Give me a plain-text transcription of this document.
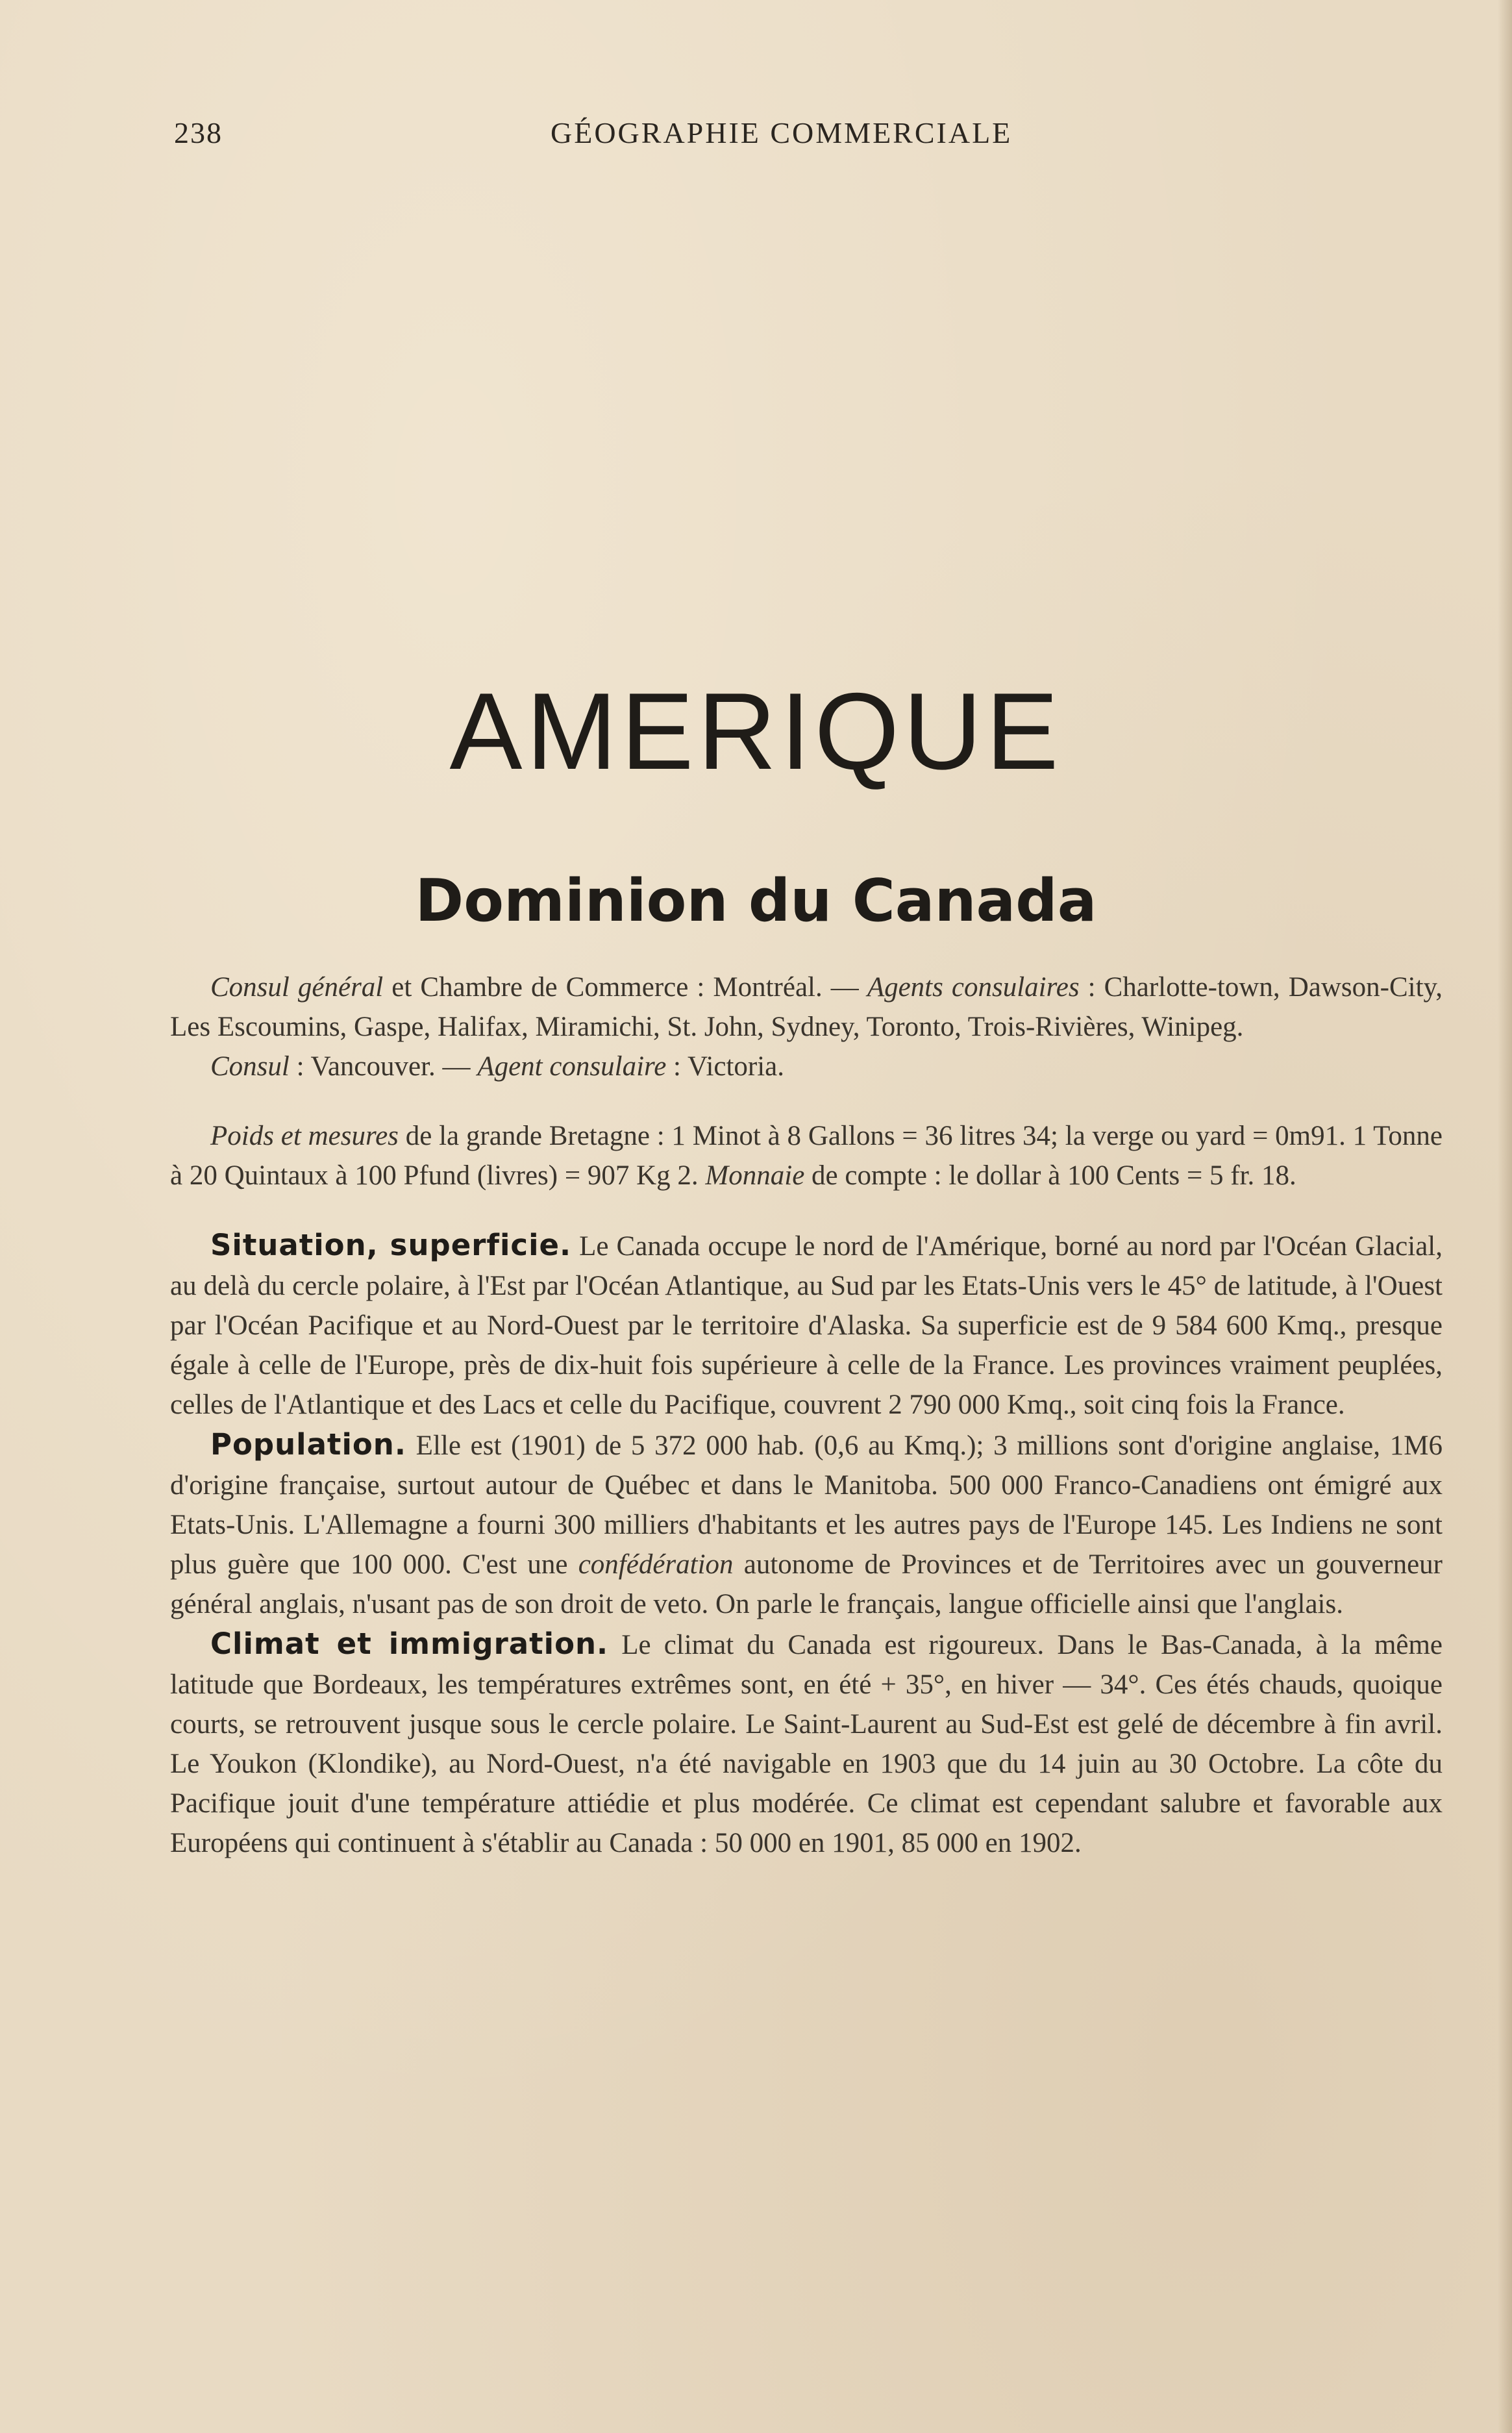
238	GÉOGRAPHIE COMMERCIALE
AMERIQUE
Dominion du Canada

Consul général et Chambre de Commerce : Montréal. — Agents consulaires : Charlotte-town, Dawson-City, Les Escoumins, Gaspe, Halifax, Miramichi, St. John, Sydney, Toronto, Trois-Rivières, Winipeg.

Consul : Vancouver. — Agent consulaire : Victoria.

Poids et mesures de la grande Bretagne : 1 Minot à 8 Gallons = 36 litres 34; la verge ou yard = 0m91. 1 Tonne à 20 Quintaux à 100 Pfund (livres) = 907 Kg 2. Monnaie de compte : le dollar à 100 Cents = 5 fr. 18.

Situation, superficie. Le Canada occupe le nord de l'Amérique, borné au nord par l'Océan Glacial, au delà du cercle polaire, à l'Est par l'Océan Atlantique, au Sud par les Etats-Unis vers le 45° de latitude, à l'Ouest par l'Océan Pacifique et au Nord-Ouest par le territoire d'Alaska. Sa superficie est de 9 584 600 Kmq., presque égale à celle de l'Europe, près de dix-huit fois supérieure à celle de la France. Les provinces vraiment peuplées, celles de l'Atlantique et des Lacs et celle du Pacifique, couvrent 2 790 000 Kmq., soit cinq fois la France.

Population. Elle est (1901) de 5 372 000 hab. (0,6 au Kmq.); 3 millions sont d'origine anglaise, 1M6 d'origine française, surtout autour de Québec et dans le Manitoba. 500 000 Franco-Canadiens ont émigré aux Etats-Unis. L'Allemagne a fourni 300 milliers d'habitants et les autres pays de l'Europe 145. Les Indiens ne sont plus guère que 100 000. C'est une confédération autonome de Provinces et de Territoires avec un gouverneur général anglais, n'usant pas de son droit de veto. On parle le français, langue officielle ainsi que l'anglais.

Climat et immigration. Le climat du Canada est rigoureux. Dans le Bas-Canada, à la même latitude que Bordeaux, les températures extrêmes sont, en été + 35°, en hiver — 34°. Ces étés chauds, quoique courts, se retrouvent jusque sous le cercle polaire. Le Saint-Laurent au Sud-Est est gelé de décembre à fin avril. Le Youkon (Klondike), au Nord-Ouest, n'a été navigable en 1903 que du 14 juin au 30 Octobre. La côte du Pacifique jouit d'une température attiédie et plus modérée. Ce climat est cependant salubre et favorable aux Européens qui continuent à s'établir au Canada : 50 000 en 1901, 85 000 en 1902.
